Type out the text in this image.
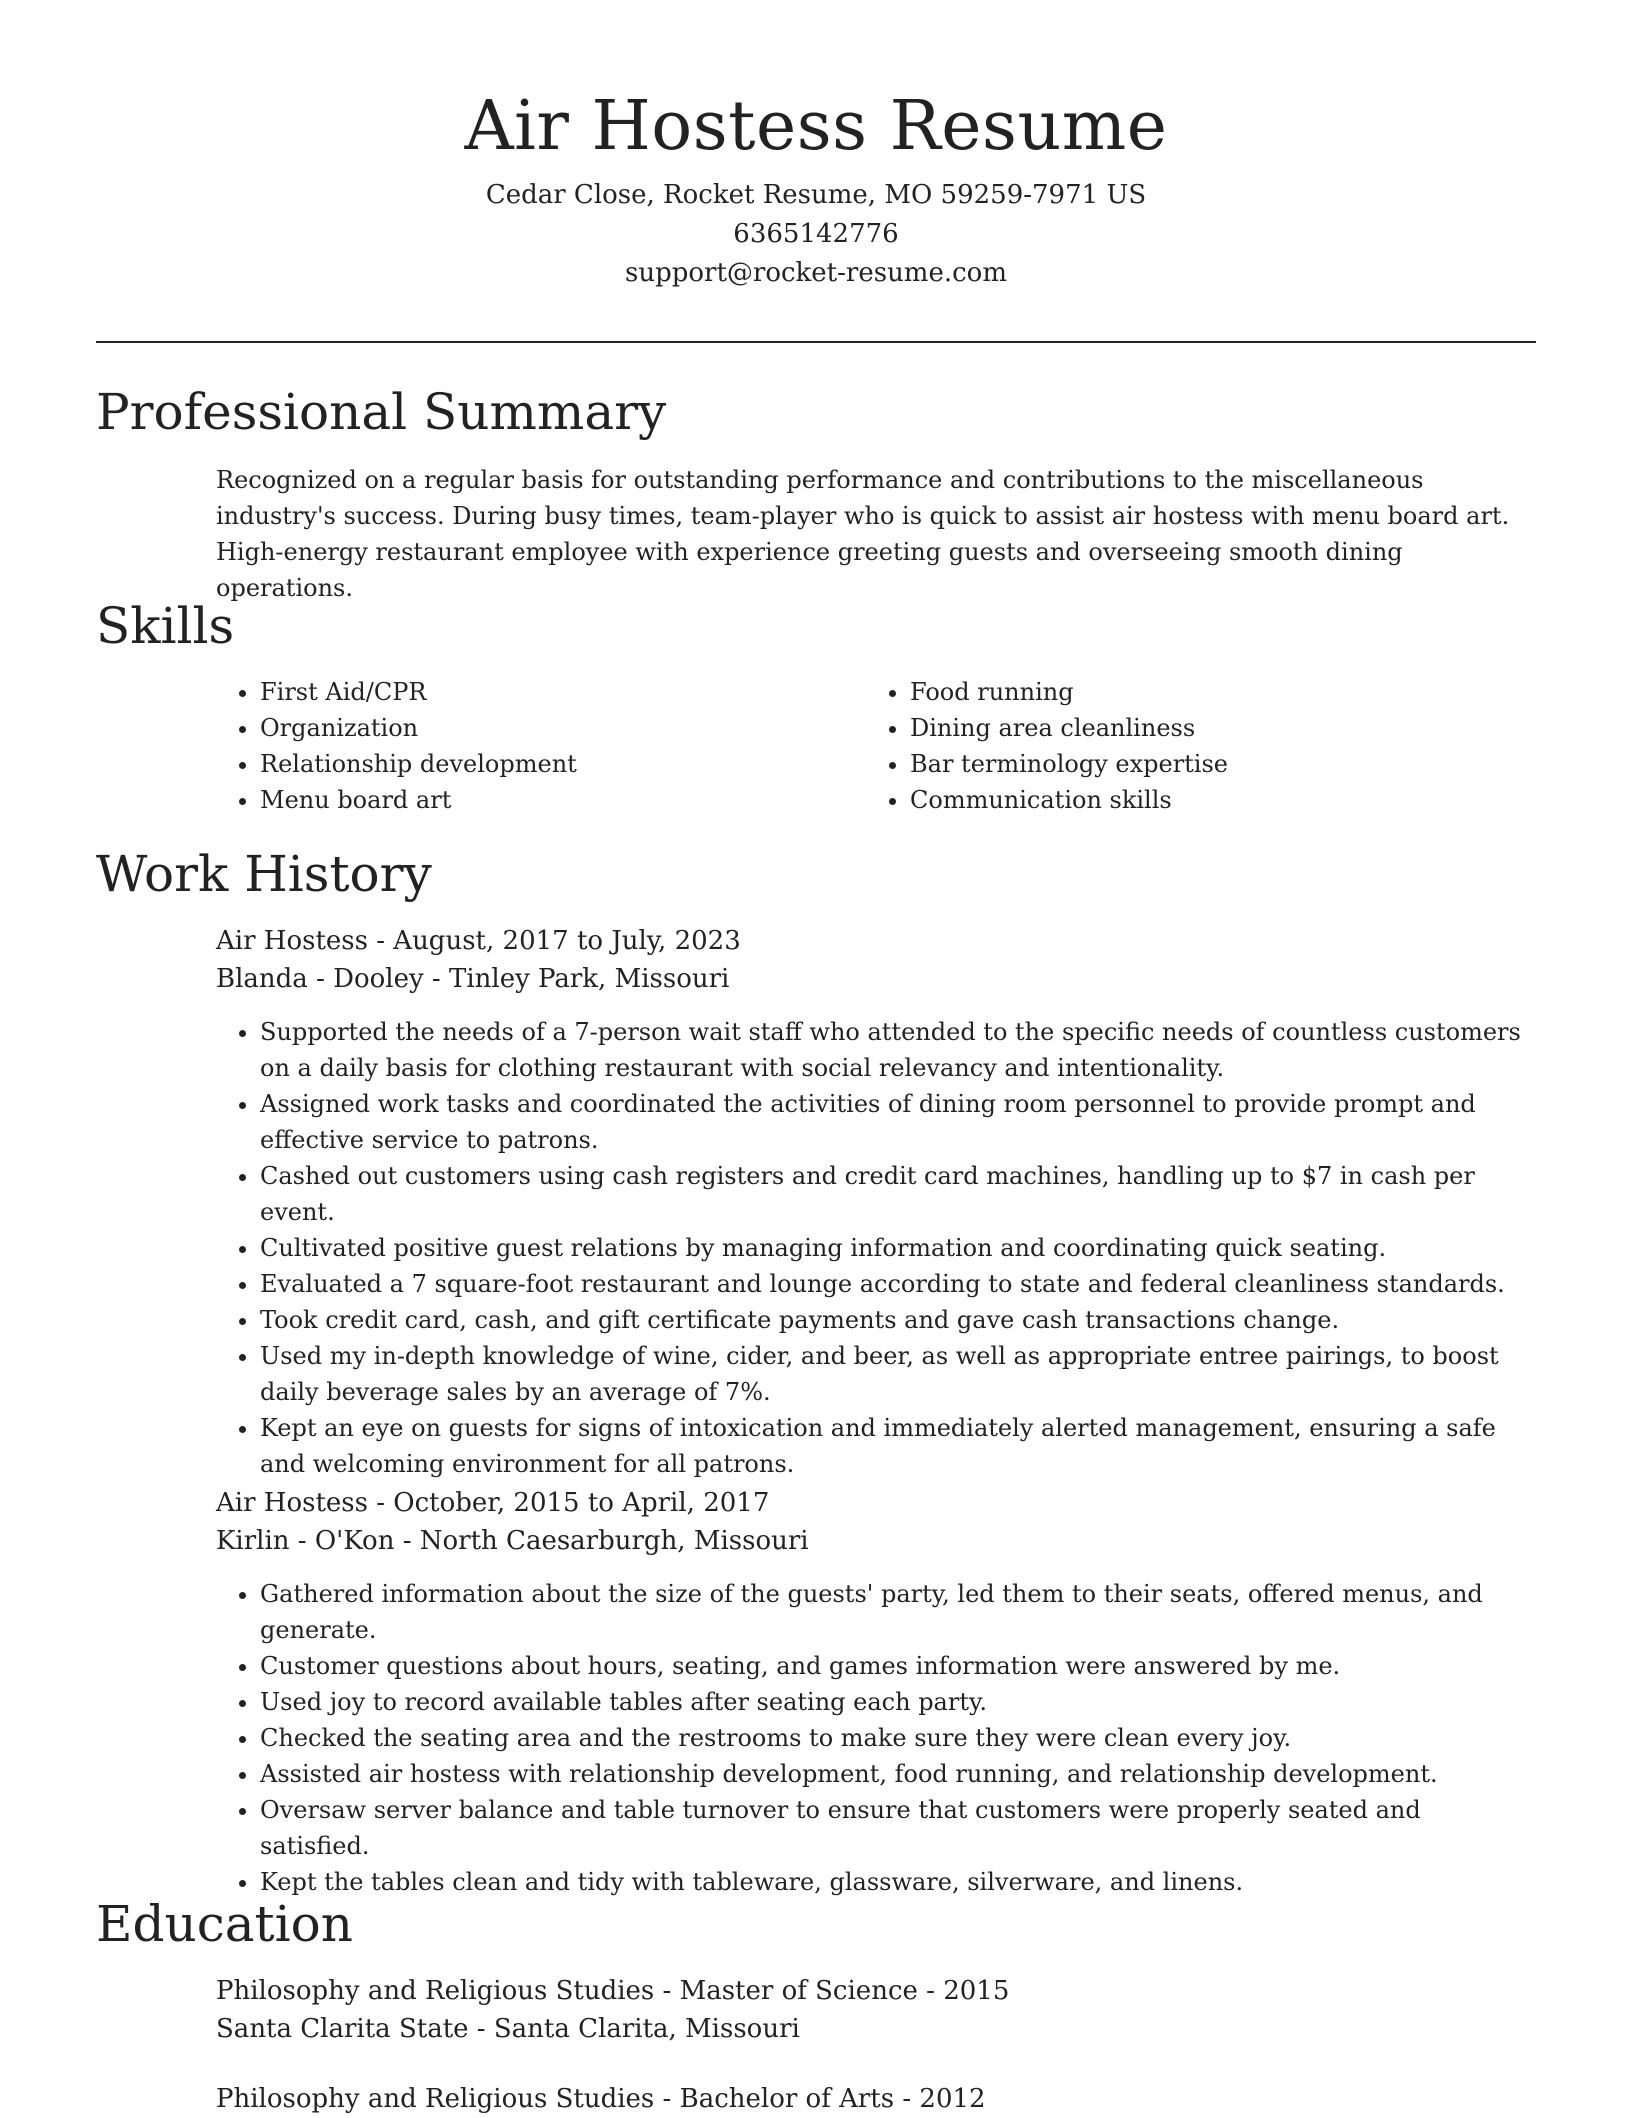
Air Hostess Resume
Cedar Close, Rocket Resume, MO 59259-7971 US
6365142776
support@rocket-resume.com
Professional Summary

Recognized on a regular basis for outstanding performance and contributions to the miscellaneous industry's success. During busy times, team-player who is quick to assist air hostess with menu board art. High-energy restaurant employee with experience greeting guests and overseeing smooth dining operations.

Skills
• First Aid/CPR
• Organization
• Relationship development
• Menu board art
• Food running
• Dining area cleanliness
• Bar terminology expertise
• Communication skills
Work History
Air Hostess - August, 2017 to July, 2023
Blanda - Dooley - Tinley Park, Missouri
• Supported the needs of a 7-person wait staff who attended to the specific needs of countless customers on a daily basis for clothing restaurant with social relevancy and intentionality.
• Assigned work tasks and coordinated the activities of dining room personnel to provide prompt and effective service to patrons.
• Cashed out customers using cash registers and credit card machines, handling up to $7 in cash per event.
• Cultivated positive guest relations by managing information and coordinating quick seating.
• Evaluated a 7 square-foot restaurant and lounge according to state and federal cleanliness standards.
• Took credit card, cash, and gift certificate payments and gave cash transactions change.
• Used my in-depth knowledge of wine, cider, and beer, as well as appropriate entree pairings, to boost daily beverage sales by an average of 7%.
• Kept an eye on guests for signs of intoxication and immediately alerted management, ensuring a safe and welcoming environment for all patrons.
Air Hostess - October, 2015 to April, 2017
Kirlin - O'Kon - North Caesarburgh, Missouri
• Gathered information about the size of the guests' party, led them to their seats, offered menus, and generate.
• Customer questions about hours, seating, and games information were answered by me.
• Used joy to record available tables after seating each party.
• Checked the seating area and the restrooms to make sure they were clean every joy.
• Assisted air hostess with relationship development, food running, and relationship development.
• Oversaw server balance and table turnover to ensure that customers were properly seated and satisfied.
• Kept the tables clean and tidy with tableware, glassware, silverware, and linens.
Education
Philosophy and Religious Studies - Master of Science - 2015
Santa Clarita State - Santa Clarita, Missouri
Philosophy and Religious Studies - Bachelor of Arts - 2012
